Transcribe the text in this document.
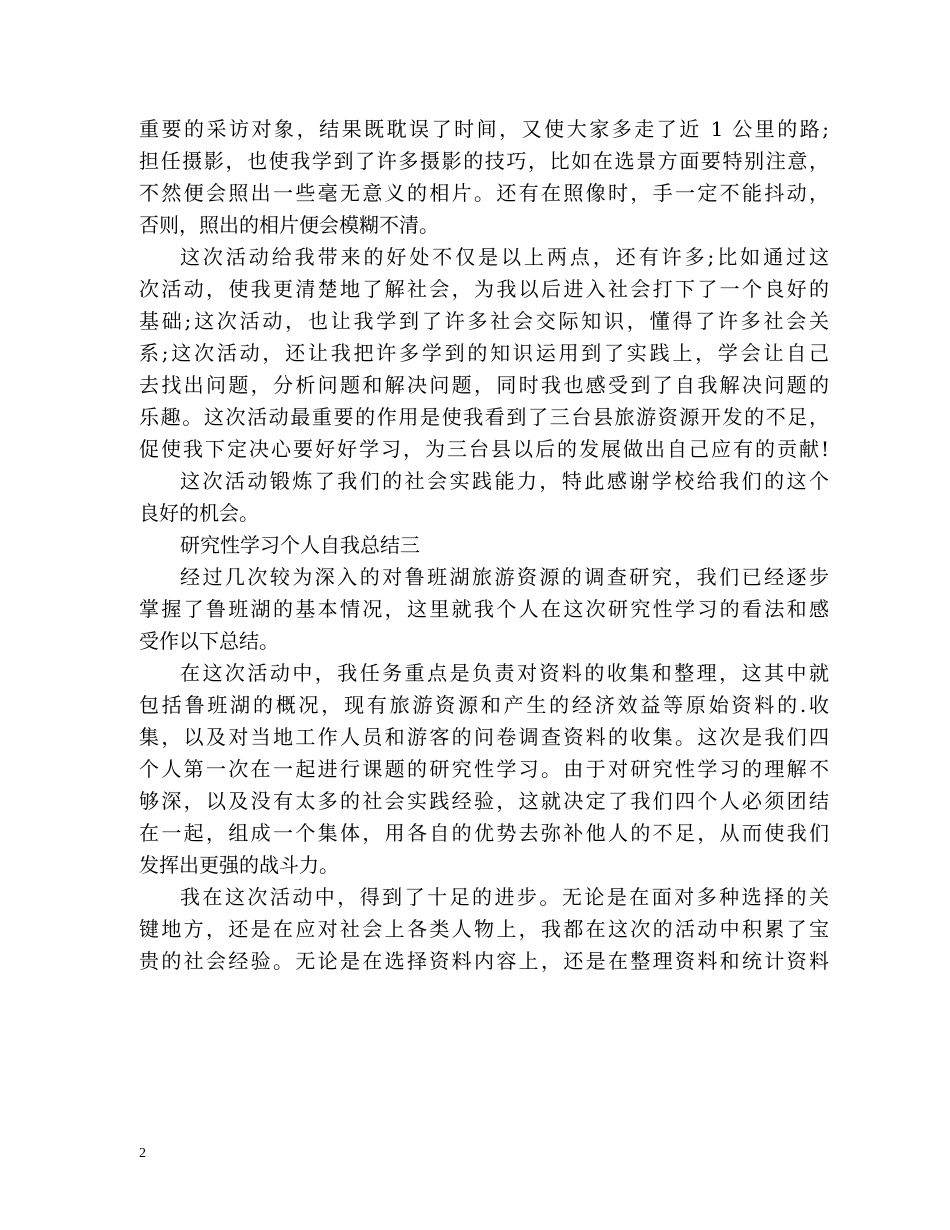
重要的采访对象，结果既耽误了时间，又使大家多走了近 1 公里的路;
担任摄影，也使我学到了许多摄影的技巧，比如在选景方面要特别注意，
不然便会照出一些毫无意义的相片。还有在照像时，手一定不能抖动，
否则，照出的相片便会模糊不清。
这次活动给我带来的好处不仅是以上两点，还有许多;比如通过这
次活动，使我更清楚地了解社会，为我以后进入社会打下了一个良好的
基础;这次活动，也让我学到了许多社会交际知识，懂得了许多社会关
系;这次活动，还让我把许多学到的知识运用到了实践上，学会让自己
去找出问题，分析问题和解决问题，同时我也感受到了自我解决问题的
乐趣。这次活动最重要的作用是使我看到了三台县旅游资源开发的不足，
促使我下定决心要好好学习，为三台县以后的发展做出自己应有的贡献!
这次活动锻炼了我们的社会实践能力，特此感谢学校给我们的这个
良好的机会。
研究性学习个人自我总结三
经过几次较为深入的对鲁班湖旅游资源的调查研究，我们已经逐步
掌握了鲁班湖的基本情况，这里就我个人在这次研究性学习的看法和感
受作以下总结。
在这次活动中，我任务重点是负责对资料的收集和整理，这其中就
包括鲁班湖的概况，现有旅游资源和产生的经济效益等原始资料的.收
集，以及对当地工作人员和游客的问卷调查资料的收集。这次是我们四
个人第一次在一起进行课题的研究性学习。由于对研究性学习的理解不
够深，以及没有太多的社会实践经验，这就决定了我们四个人必须团结
在一起，组成一个集体，用各自的优势去弥补他人的不足，从而使我们
发挥出更强的战斗力。
我在这次活动中，得到了十足的进步。无论是在面对多种选择的关
键地方，还是在应对社会上各类人物上，我都在这次的活动中积累了宝
贵的社会经验。无论是在选择资料内容上，还是在整理资料和统计资料
2
